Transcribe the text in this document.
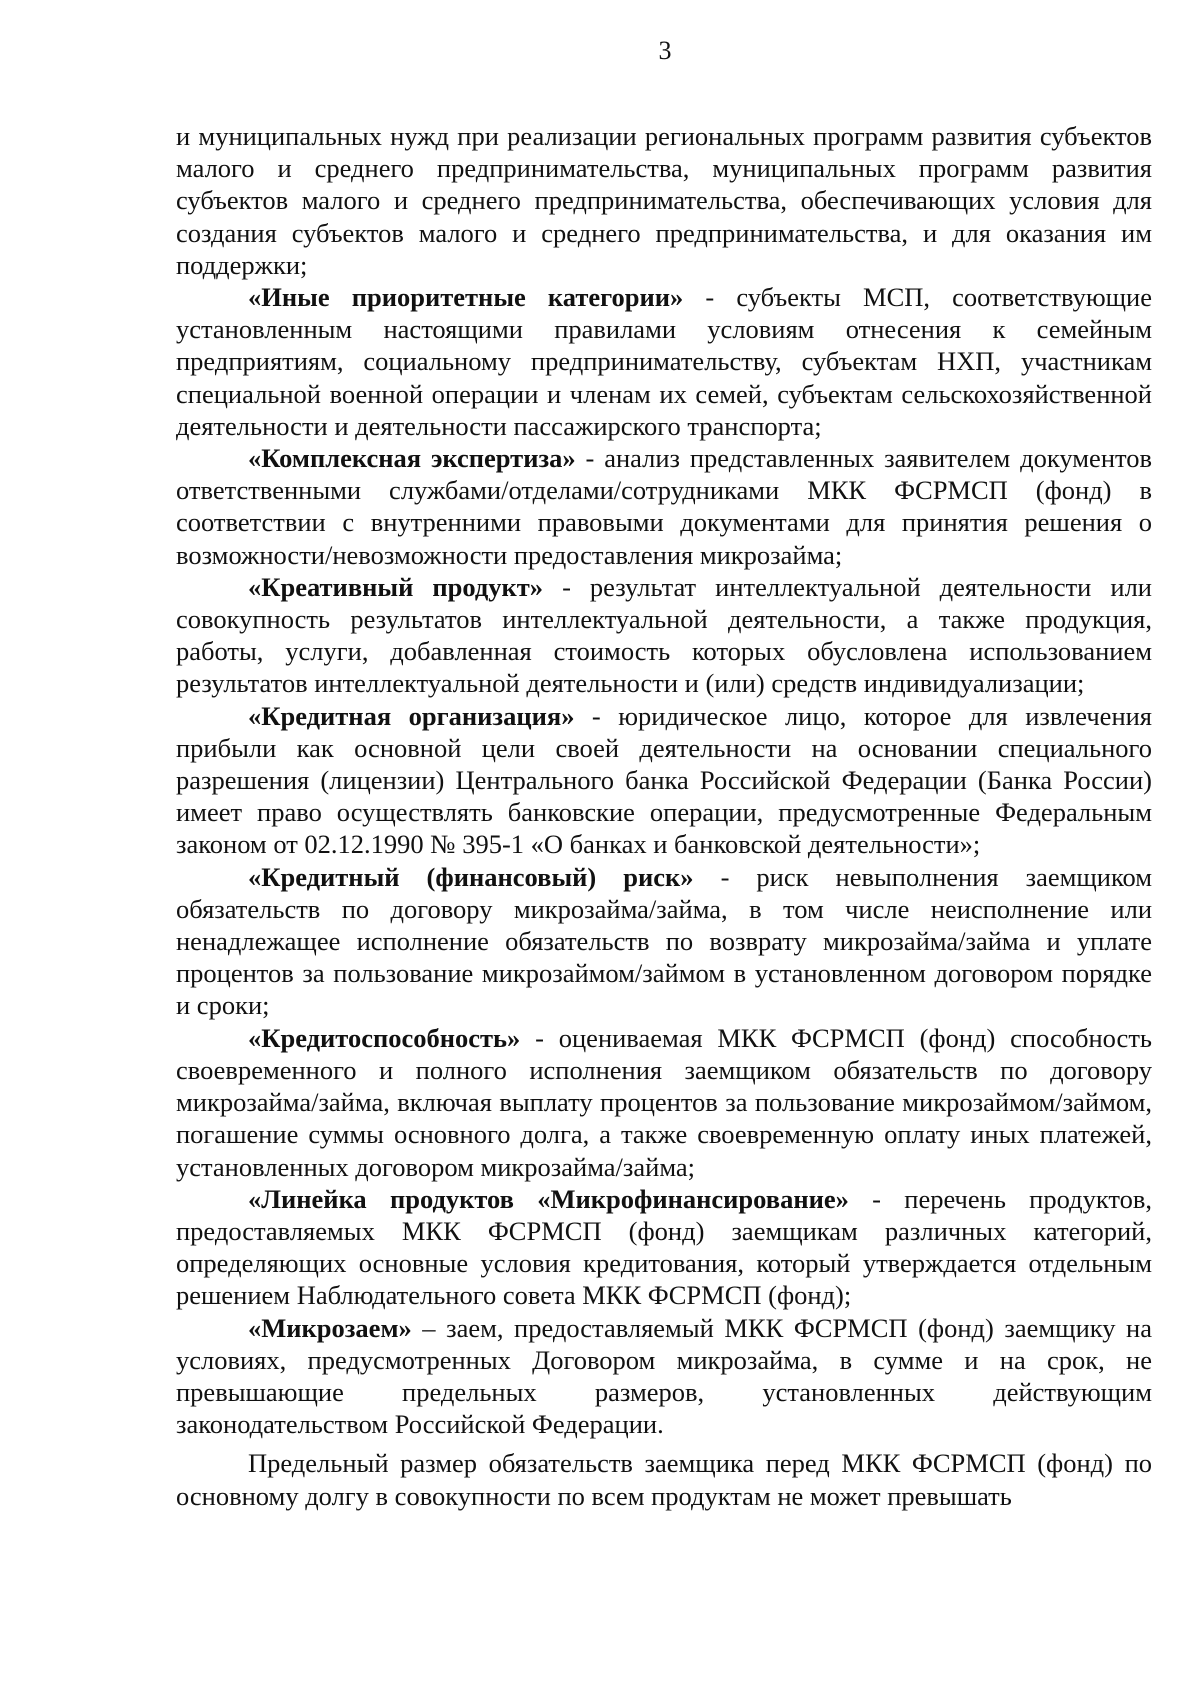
3

и муниципальных нужд при реализации региональных программ развития субъектов малого и среднего предпринимательства, муниципальных программ развития субъектов малого и среднего предпринимательства, обеспечивающих условия для создания субъектов малого и среднего предпринимательства, и для оказания им поддержки;

«Иные приоритетные категории» - субъекты МСП, соответствующие установленным настоящими правилами условиям отнесения к семейным предприятиям, социальному предпринимательству, субъектам НХП, участникам специальной военной операции и членам их семей, субъектам сельскохозяйственной деятельности и деятельности пассажирского транспорта;

«Комплексная экспертиза» - анализ представленных заявителем документов ответственными службами/отделами/сотрудниками МКК ФСРМСП (фонд) в соответствии с внутренними правовыми документами для принятия решения о возможности/невозможности предоставления микрозайма;

«Креативный продукт» - результат интеллектуальной деятельности или совокупность результатов интеллектуальной деятельности, а также продукция, работы, услуги, добавленная стоимость которых обусловлена использованием результатов интеллектуальной деятельности и (или) средств индивидуализации;

«Кредитная организация» - юридическое лицо, которое для извлечения прибыли как основной цели своей деятельности на основании специального разрешения (лицензии) Центрального банка Российской Федерации (Банка России) имеет право осуществлять банковские операции, предусмотренные Федеральным законом от 02.12.1990 № 395-1 «О банках и банковской деятельности»;

«Кредитный (финансовый) риск» - риск невыполнения заемщиком обязательств по договору микрозайма/займа, в том числе неисполнение или ненадлежащее исполнение обязательств по возврату микрозайма/займа и уплате процентов за пользование микрозаймом/займом в установленном договором порядке и сроки;

«Кредитоспособность» - оцениваемая МКК ФСРМСП (фонд) способность своевременного и полного исполнения заемщиком обязательств по договору микрозайма/займа, включая выплату процентов за пользование микрозаймом/займом, погашение суммы основного долга, а также своевременную оплату иных платежей, установленных договором микрозайма/займа;

«Линейка продуктов «Микрофинансирование» - перечень продуктов, предоставляемых МКК ФСРМСП (фонд) заемщикам различных категорий, определяющих основные условия кредитования, который утверждается отдельным решением Наблюдательного совета МКК ФСРМСП (фонд);

«Микрозаем» – заем, предоставляемый МКК ФСРМСП (фонд) заемщику на условиях, предусмотренных Договором микрозайма, в сумме и на срок, не превышающие предельных размеров, установленных действующим законодательством Российской Федерации.

Предельный размер обязательств заемщика перед МКК ФСРМСП (фонд) по основному долгу в совокупности по всем продуктам не может превышать
